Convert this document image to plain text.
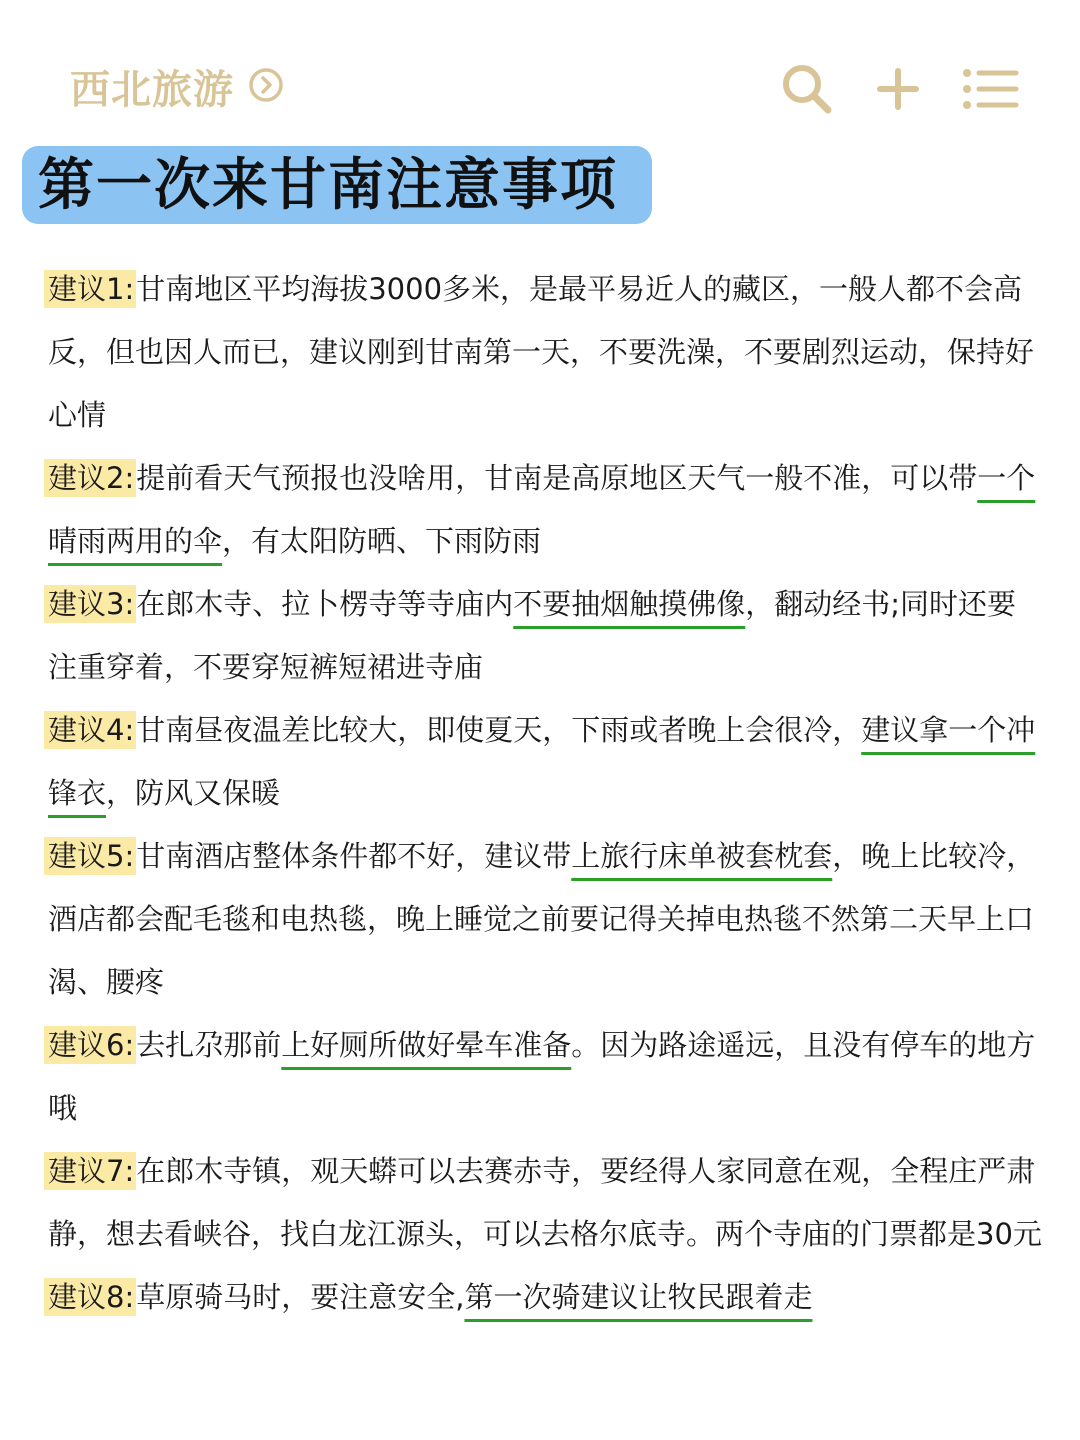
西北旅游
第一次来甘南注意事项

建议1:甘南地区平均海拔3000多米，是最平易近人的藏区，一般人都不会高反，但也因人而已，建议刚到甘南第一天，不要洗澡，不要剧烈运动，保持好心情

建议2:提前看天气预报也没啥用，甘南是高原地区天气一般不准，可以带一个晴雨两用的伞，有太阳防晒、下雨防雨

建议3:在郎木寺、拉卜楞寺等寺庙内不要抽烟触摸佛像，翻动经书;同时还要注重穿着，不要穿短裤短裙进寺庙

建议4:甘南昼夜温差比较大，即使夏天，下雨或者晚上会很冷，建议拿一个冲锋衣，防风又保暖

建议5:甘南酒店整体条件都不好，建议带上旅行床单被套枕套，晚上比较冷，酒店都会配毛毯和电热毯，晚上睡觉之前要记得关掉电热毯不然第二天早上口渴、腰疼

建议6:去扎尕那前上好厕所做好晕车准备。因为路途遥远，且没有停车的地方哦

建议7:在郎木寺镇，观天蟒可以去赛赤寺，要经得人家同意在观，全程庄严肃静，想去看峡谷，找白龙江源头，可以去格尔底寺。两个寺庙的门票都是30元

建议8:草原骑马时，要注意安全,第一次骑建议让牧民跟着走
